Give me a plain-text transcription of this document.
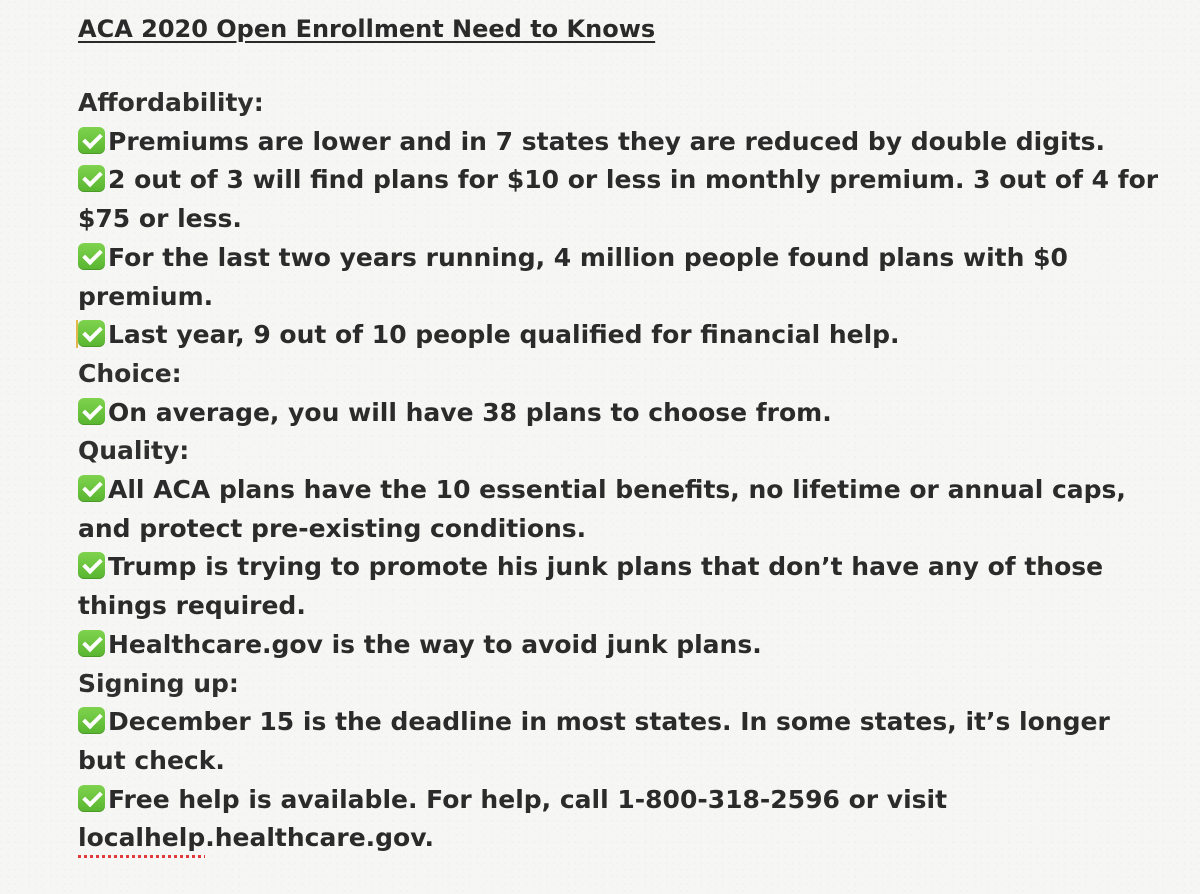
ACA 2020 Open Enrollment Need to Knows
Affordability:
Premiums are lower and in 7 states they are reduced by double digits.
2 out of 3 will find plans for $10 or less in monthly premium. 3 out of 4 for
$75 or less.
For the last two years running, 4 million people found plans with $0
premium.
Last year, 9 out of 10 people qualified for financial help.
Choice:
On average, you will have 38 plans to choose from.
Quality:
All ACA plans have the 10 essential benefits, no lifetime or annual caps,
and protect pre-existing conditions.
Trump is trying to promote his junk plans that don’t have any of those
things required.
Healthcare.gov is the way to avoid junk plans.
Signing up:
December 15 is the deadline in most states. In some states, it’s longer
but check.
Free help is available. For help, call 1-800-318-2596 or visit
localhelp.healthcare.gov.
